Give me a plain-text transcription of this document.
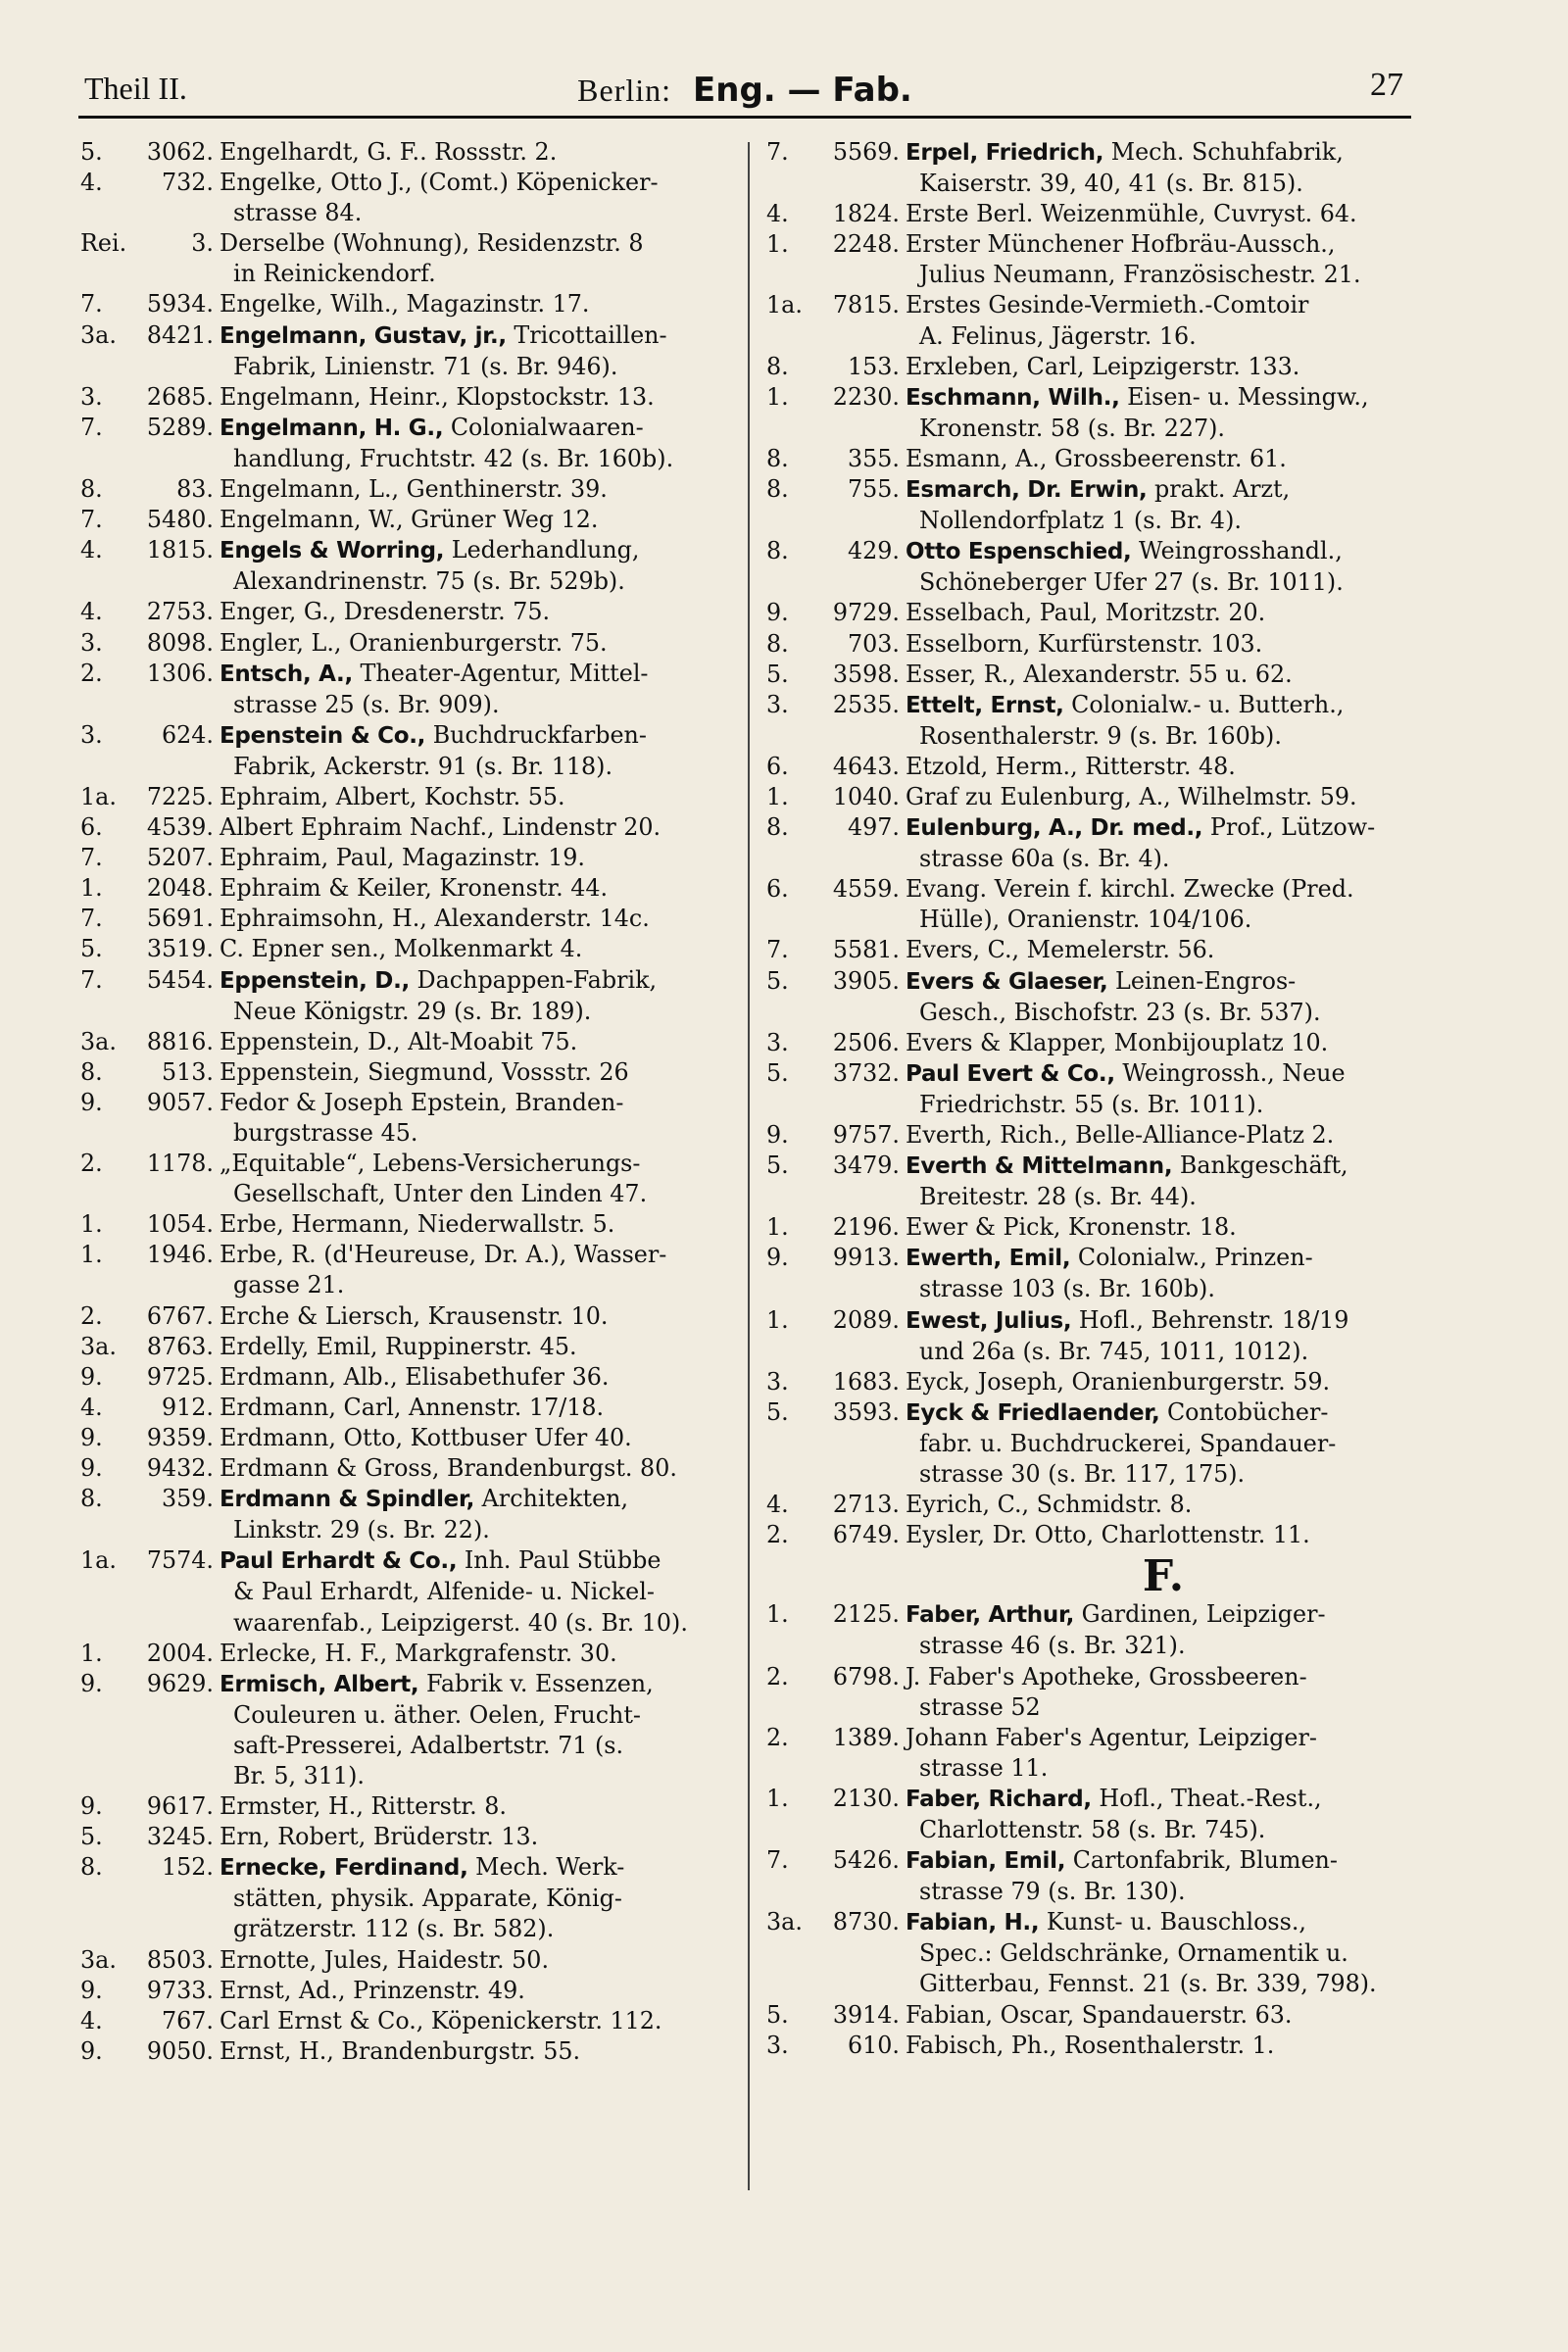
Theil II.	Berlin: Eng. — Fab.	27
5.	3062. Engelhardt, G. F.. Rossstr. 2.
4.	732. Engelke, Otto J., (Comt.) Köpenicker-
strasse 84.
Rei.	3. Derselbe (Wohnung), Residenzstr. 8
in Reinickendorf.
7.	5934. Engelke, Wilh., Magazinstr. 17.
3a.	8421. Engelmann, Gustav, jr., Tricottaillen-
Fabrik, Linienstr. 71 (s. Br. 946).
3.	2685. Engelmann, Heinr., Klopstockstr. 13.
7.	5289. Engelmann, H. G., Colonialwaaren-
handlung, Fruchtstr. 42 (s. Br. 160b).
8.	83. Engelmann, L., Genthinerstr. 39.
7.	5480. Engelmann, W., Grüner Weg 12.
4.	1815. Engels & Worring, Lederhandlung,
Alexandrinenstr. 75 (s. Br. 529b).
4.	2753. Enger, G., Dresdenerstr. 75.
3.	8098. Engler, L., Oranienburgerstr. 75.
2.	1306. Entsch, A., Theater-Agentur, Mittel-
strasse 25 (s. Br. 909).
3.	624. Epenstein & Co., Buchdruckfarben-
Fabrik, Ackerstr. 91 (s. Br. 118).
1a.	7225. Ephraim, Albert, Kochstr. 55.
6.	4539. Albert Ephraim Nachf., Lindenstr 20.
7.	5207. Ephraim, Paul, Magazinstr. 19.
1.	2048. Ephraim & Keiler, Kronenstr. 44.
7.	5691. Ephraimsohn, H., Alexanderstr. 14c.
5.	3519. C. Epner sen., Molkenmarkt 4.
7.	5454. Eppenstein, D., Dachpappen-Fabrik,
Neue Königstr. 29 (s. Br. 189).
3a.	8816. Eppenstein, D., Alt-Moabit 75.
8.	513. Eppenstein, Siegmund, Vossstr. 26
9.	9057. Fedor & Joseph Epstein, Branden-
burgstrasse 45.
2.	1178. „Equitable“, Lebens-Versicherungs-
Gesellschaft, Unter den Linden 47.
1.	1054. Erbe, Hermann, Niederwallstr. 5.
1.	1946. Erbe, R. (d'Heureuse, Dr. A.), Wasser-
gasse 21.
2.	6767. Erche & Liersch, Krausenstr. 10.
3a.	8763. Erdelly, Emil, Ruppinerstr. 45.
9.	9725. Erdmann, Alb., Elisabethufer 36.
4.	912. Erdmann, Carl, Annenstr. 17/18.
9.	9359. Erdmann, Otto, Kottbuser Ufer 40.
9.	9432. Erdmann & Gross, Brandenburgst. 80.
8.	359. Erdmann & Spindler, Architekten,
Linkstr. 29 (s. Br. 22).
1a.	7574. Paul Erhardt & Co., Inh. Paul Stübbe
& Paul Erhardt, Alfenide- u. Nickel-
waarenfab., Leipzigerst. 40 (s. Br. 10).
1.	2004. Erlecke, H. F., Markgrafenstr. 30.
9.	9629. Ermisch, Albert, Fabrik v. Essenzen,
Couleuren u. äther. Oelen, Frucht-
saft-Presserei, Adalbertstr. 71 (s.
Br. 5, 311).
9.	9617. Ermster, H., Ritterstr. 8.
5.	3245. Ern, Robert, Brüderstr. 13.
8.	152. Ernecke, Ferdinand, Mech. Werk-
stätten, physik. Apparate, König-
grätzerstr. 112 (s. Br. 582).
3a.	8503. Ernotte, Jules, Haidestr. 50.
9.	9733. Ernst, Ad., Prinzenstr. 49.
4.	767. Carl Ernst & Co., Köpenickerstr. 112.
9.	9050. Ernst, H., Brandenburgstr. 55.
7.	5569. Erpel, Friedrich, Mech. Schuhfabrik,
Kaiserstr. 39, 40, 41 (s. Br. 815).
4.	1824. Erste Berl. Weizenmühle, Cuvryst. 64.
1.	2248. Erster Münchener Hofbräu-Aussch.,
Julius Neumann, Französischestr. 21.
1a.	7815. Erstes Gesinde-Vermieth.-Comtoir
A. Felinus, Jägerstr. 16.
8.	153. Erxleben, Carl, Leipzigerstr. 133.
1.	2230. Eschmann, Wilh., Eisen- u. Messingw.,
Kronenstr. 58 (s. Br. 227).
8.	355. Esmann, A., Grossbeerenstr. 61.
8.	755. Esmarch, Dr. Erwin, prakt. Arzt,
Nollendorfplatz 1 (s. Br. 4).
8.	429. Otto Espenschied, Weingrosshandl.,
Schöneberger Ufer 27 (s. Br. 1011).
9.	9729. Esselbach, Paul, Moritzstr. 20.
8.	703. Esselborn, Kurfürstenstr. 103.
5.	3598. Esser, R., Alexanderstr. 55 u. 62.
3.	2535. Ettelt, Ernst, Colonialw.- u. Butterh.,
Rosenthalerstr. 9 (s. Br. 160b).
6.	4643. Etzold, Herm., Ritterstr. 48.
1.	1040. Graf zu Eulenburg, A., Wilhelmstr. 59.
8.	497. Eulenburg, A., Dr. med., Prof., Lützow-
strasse 60a (s. Br. 4).
6.	4559. Evang. Verein f. kirchl. Zwecke (Pred.
Hülle), Oranienstr. 104/106.
7.	5581. Evers, C., Memelerstr. 56.
5.	3905. Evers & Glaeser, Leinen-Engros-
Gesch., Bischofstr. 23 (s. Br. 537).
3.	2506. Evers & Klapper, Monbijouplatz 10.
5.	3732. Paul Evert & Co., Weingrossh., Neue
Friedrichstr. 55 (s. Br. 1011).
9.	9757. Everth, Rich., Belle-Alliance-Platz 2.
5.	3479. Everth & Mittelmann, Bankgeschäft,
Breitestr. 28 (s. Br. 44).
1.	2196. Ewer & Pick, Kronenstr. 18.
9.	9913. Ewerth, Emil, Colonialw., Prinzen-
strasse 103 (s. Br. 160b).
1.	2089. Ewest, Julius, Hofl., Behrenstr. 18/19
und 26a (s. Br. 745, 1011, 1012).
3.	1683. Eyck, Joseph, Oranienburgerstr. 59.
5.	3593. Eyck & Friedlaender, Contobücher-
fabr. u. Buchdruckerei, Spandauer-
strasse 30 (s. Br. 117, 175).
4.	2713. Eyrich, C., Schmidstr. 8.
2.	6749. Eysler, Dr. Otto, Charlottenstr. 11.
F.
1.	2125. Faber, Arthur, Gardinen, Leipziger-
strasse 46 (s. Br. 321).
2.	6798. J. Faber's Apotheke, Grossbeeren-
strasse 52
2.	1389. Johann Faber's Agentur, Leipziger-
strasse 11.
1.	2130. Faber, Richard, Hofl., Theat.-Rest.,
Charlottenstr. 58 (s. Br. 745).
7.	5426. Fabian, Emil, Cartonfabrik, Blumen-
strasse 79 (s. Br. 130).
3a.	8730. Fabian, H., Kunst- u. Bauschloss.,
Spec.: Geldschränke, Ornamentik u.
Gitterbau, Fennst. 21 (s. Br. 339, 798).
5.	3914. Fabian, Oscar, Spandauerstr. 63.
3.	610. Fabisch, Ph., Rosenthalerstr. 1.
